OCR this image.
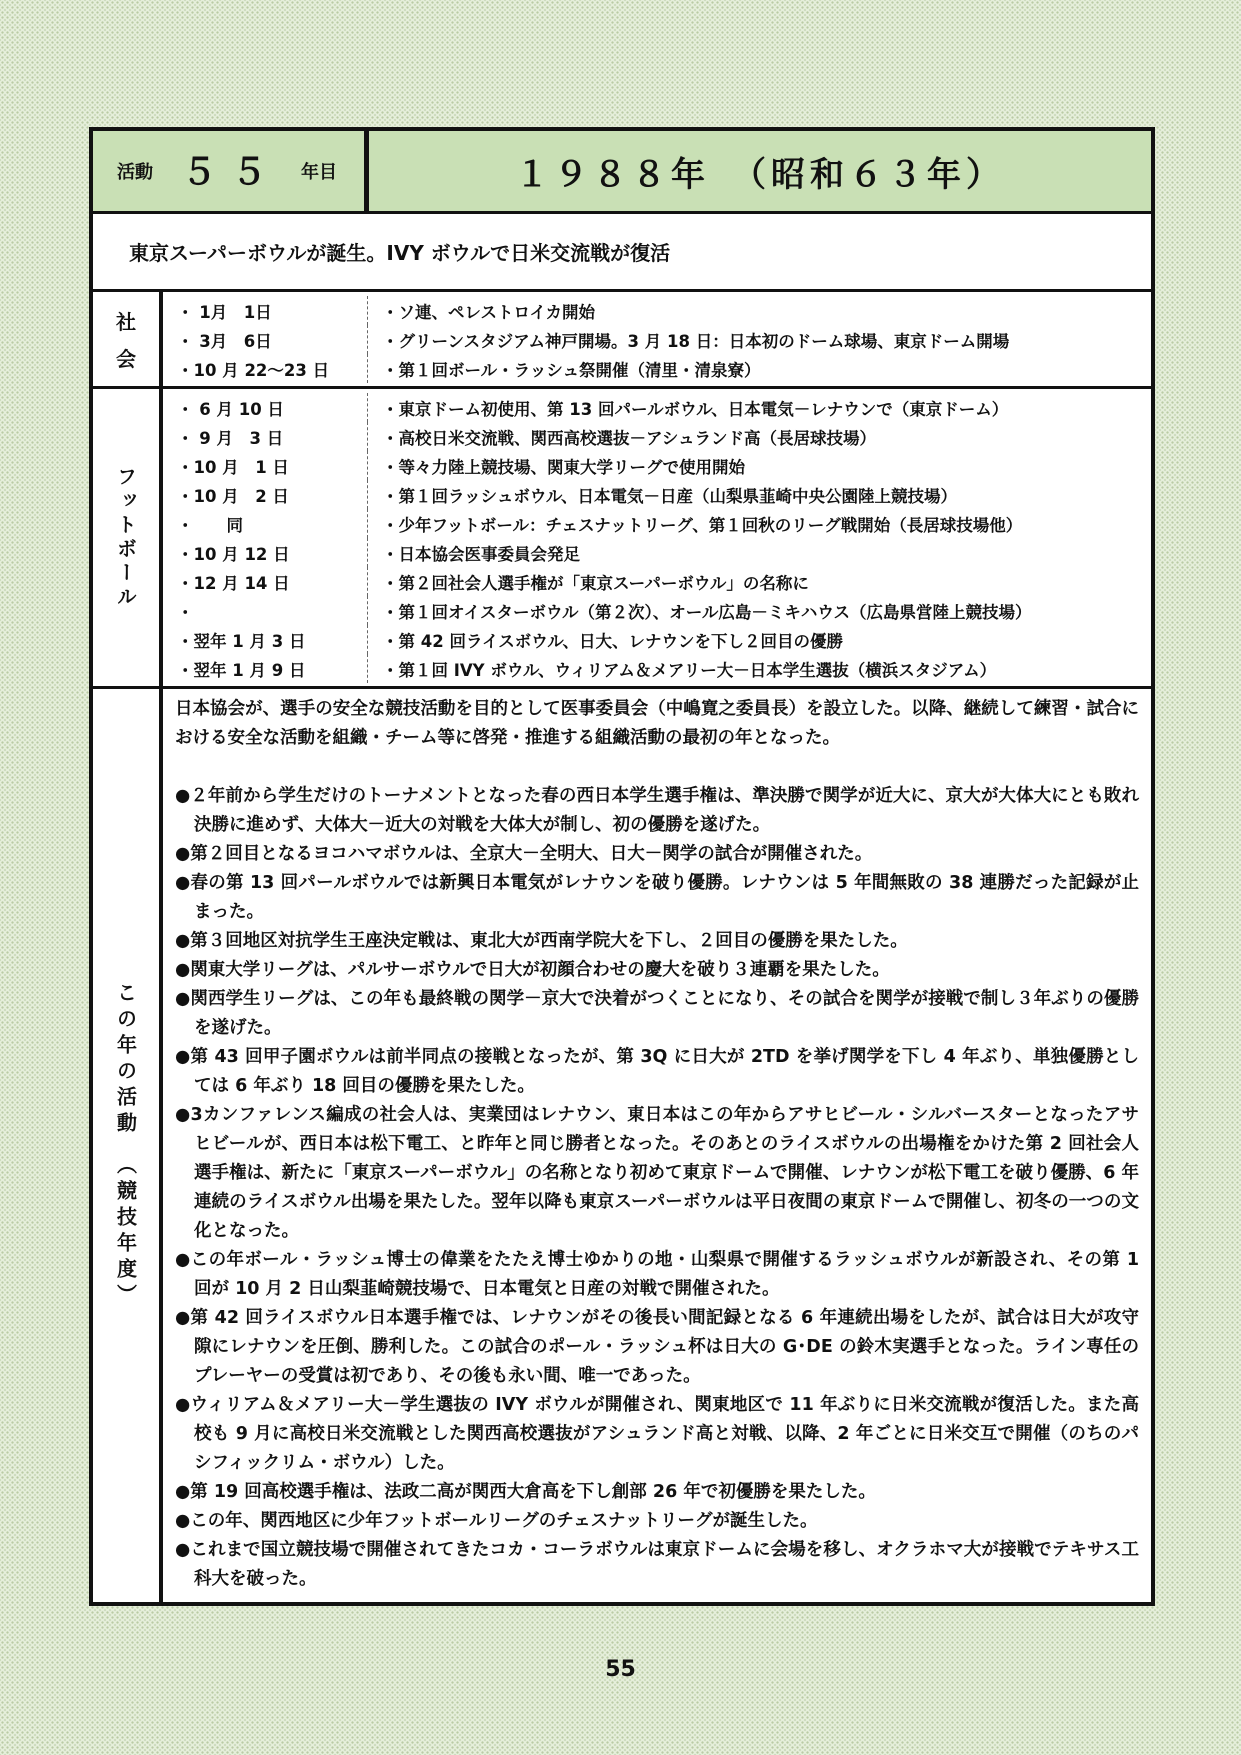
活動 ５５ 年目	１９８８年　（昭和６３年）
東京スーパーボウルが誕生。IVY ボウルで日米交流戦が復活
社
会
・ 1月　1日	・ソ連、ペレストロイカ開始
・ 3月　6日	・グリーンスタジアム神戸開場。3 月 18 日：日本初のドーム球場、東京ドーム開場
・10 月 22～23 日	・第１回ボール・ラッシュ祭開催（清里・清泉寮）
フットボール
・ 6 月 10 日	・東京ドーム初使用、第 13 回パールボウル、日本電気－レナウンで（東京ドーム）
・ 9 月　3 日	・高校日米交流戦、関西高校選抜－アシュランド高（長居球技場）
・10 月　1 日	・等々力陸上競技場、関東大学リーグで使用開始
・10 月　2 日	・第１回ラッシュボウル、日本電気－日産（山梨県韮崎中央公園陸上競技場）
・　　同	・少年フットボール：チェスナットリーグ、第１回秋のリーグ戦開始（長居球技場他）
・10 月 12 日	・日本協会医事委員会発足
・12 月 14 日	・第２回社会人選手権が「東京スーパーボウル」の名称に
・	・第１回オイスターボウル（第２次）、オール広島－ミキハウス（広島県営陸上競技場）
・翌年 1 月 3 日	・第 42 回ライスボウル、日大、レナウンを下し２回目の優勝
・翌年 1 月 9 日	・第１回 IVY ボウル、ウィリアム＆メアリー大－日本学生選抜（横浜スタジアム）
この年の活動　（競技年度）

日本協会が、選手の安全な競技活動を目的として医事委員会（中嶋寛之委員長）を設立した。以降、継続して練習・試合における安全な活動を組織・チーム等に啓発・推進する組織活動の最初の年となった。

●２年前から学生だけのトーナメントとなった春の西日本学生選手権は、準決勝で関学が近大に、京大が大体大にとも敗れ決勝に進めず、大体大－近大の対戦を大体大が制し、初の優勝を遂げた。

●第２回目となるヨコハマボウルは、全京大－全明大、日大－関学の試合が開催された。

●春の第 13 回パールボウルでは新興日本電気がレナウンを破り優勝。レナウンは 5 年間無敗の 38 連勝だった記録が止まった。

●第３回地区対抗学生王座決定戦は、東北大が西南学院大を下し、２回目の優勝を果たした。

●関東大学リーグは、パルサーボウルで日大が初顔合わせの慶大を破り３連覇を果たした。

●関西学生リーグは、この年も最終戦の関学－京大で決着がつくことになり、その試合を関学が接戦で制し３年ぶりの優勝を遂げた。

●第 43 回甲子園ボウルは前半同点の接戦となったが、第 3Q に日大が 2TD を挙げ関学を下し 4 年ぶり、単独優勝としては 6 年ぶり 18 回目の優勝を果たした。

●3カンファレンス編成の社会人は、実業団はレナウン、東日本はこの年からアサヒビール・シルバースターとなったアサヒビールが、西日本は松下電工、と昨年と同じ勝者となった。そのあとのライスボウルの出場権をかけた第 2 回社会人選手権は、新たに「東京スーパーボウル」の名称となり初めて東京ドームで開催、レナウンが松下電工を破り優勝、6 年連続のライスボウル出場を果たした。翌年以降も東京スーパーボウルは平日夜間の東京ドームで開催し、初冬の一つの文化となった。

●この年ボール・ラッシュ博士の偉業をたたえ博士ゆかりの地・山梨県で開催するラッシュボウルが新設され、その第 1 回が 10 月 2 日山梨韮崎競技場で、日本電気と日産の対戦で開催された。

●第 42 回ライスボウル日本選手権では、レナウンがその後長い間記録となる 6 年連続出場をしたが、試合は日大が攻守隙にレナウンを圧倒、勝利した。この試合のポール・ラッシュ杯は日大の G･DE の鈴木実選手となった。ライン専任のプレーヤーの受賞は初であり、その後も永い間、唯一であった。

●ウィリアム＆メアリー大－学生選抜の IVY ボウルが開催され、関東地区で 11 年ぶりに日米交流戦が復活した。また高校も 9 月に高校日米交流戦とした関西高校選抜がアシュランド高と対戦、以降、2 年ごとに日米交互で開催（のちのパシフィックリム・ボウル）した。

●第 19 回高校選手権は、法政二高が関西大倉高を下し創部 26 年で初優勝を果たした。

●この年、関西地区に少年フットボールリーグのチェスナットリーグが誕生した。

●これまで国立競技場で開催されてきたコカ・コーラボウルは東京ドームに会場を移し、オクラホマ大が接戦でテキサス工科大を破った。

55
